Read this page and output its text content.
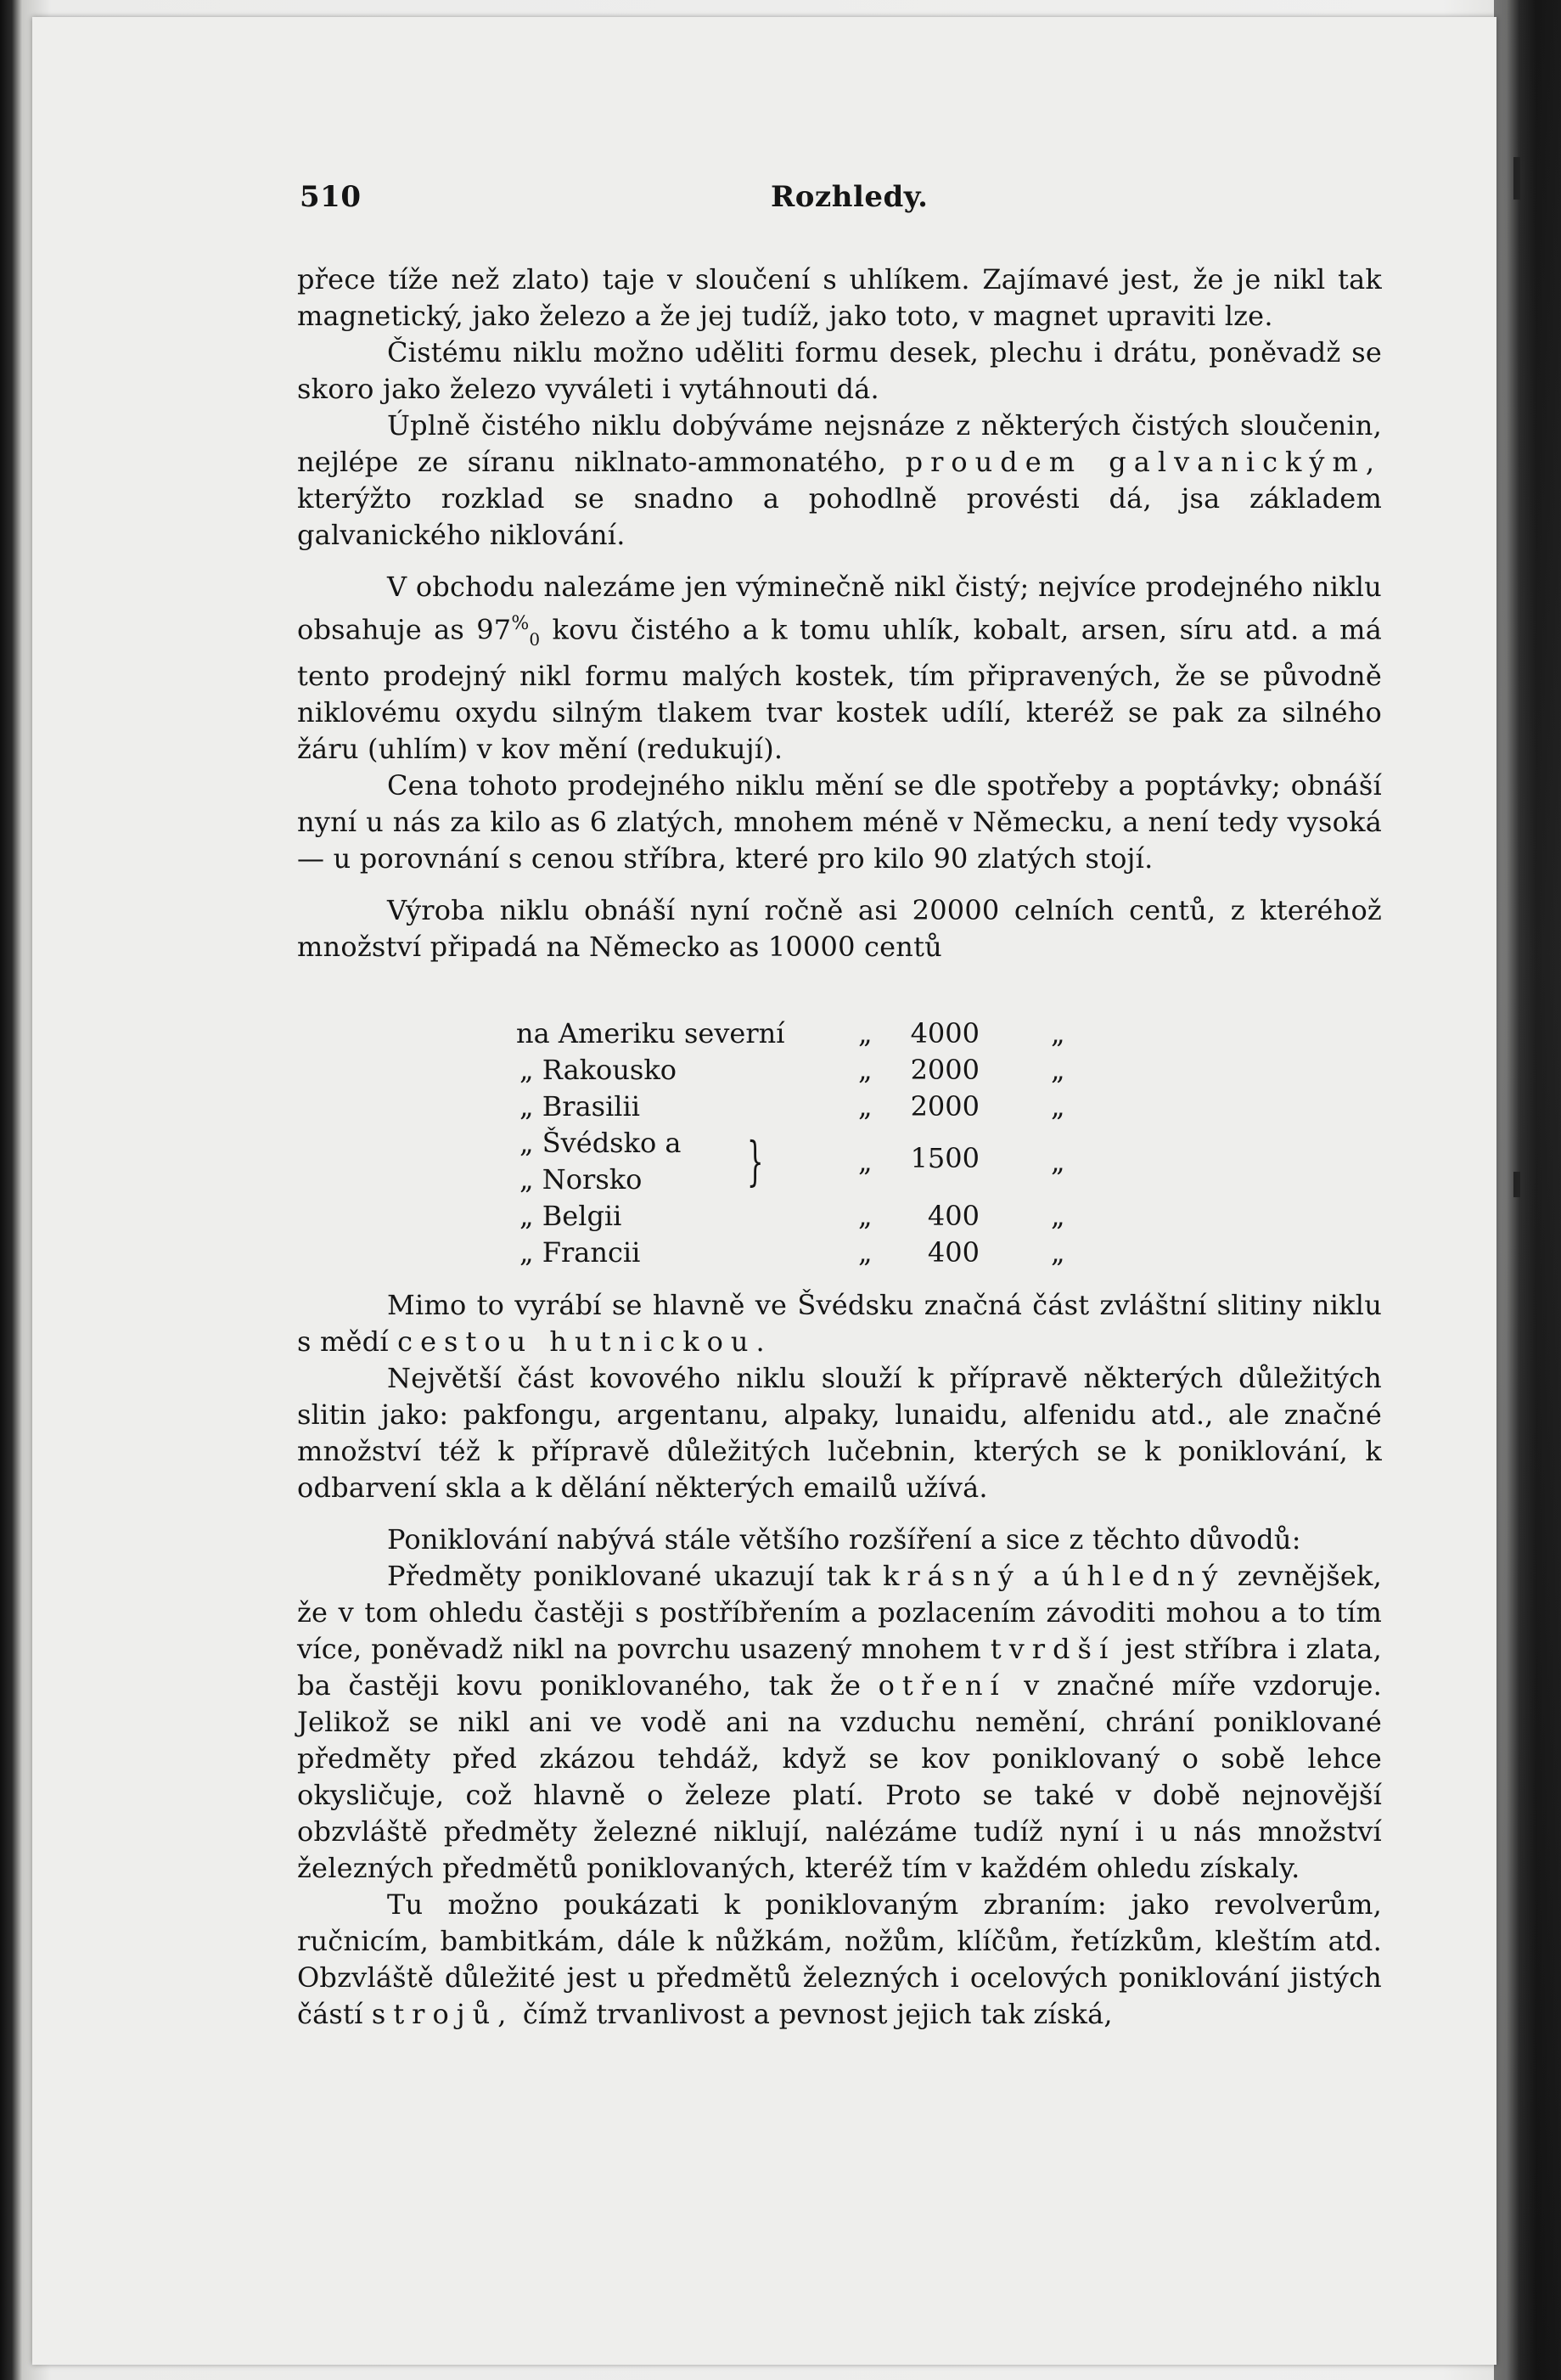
510	Rozhledy.

přece tíže než zlato) taje v sloučení s uhlíkem. Zajímavé jest, že je nikl tak magnetický, jako železo a že jej tudíž, jako toto, v magnet upraviti lze.

Čistému niklu možno uděliti formu desek, plechu i drátu, poněvadž se skoro jako železo vyváleti i vytáhnouti dá.

Úplně čistého niklu dobýváme nejsnáze z některých čistých sloučenin, nejlépe ze síranu niklnato-ammonatého, proudem galvanickým, kterýžto rozklad se snadno a pohodlně provésti dá, jsa základem galvanického niklování.

V obchodu nalezáme jen výminečně nikl čistý; nejvíce prodejného niklu obsahuje as $97^{\%}_0$ kovu čistého a k tomu uhlík, kobalt, arsen, síru atd. a má tento prodejný nikl formu malých kostek, tím připravených, že se původně niklovému oxydu silným tlakem tvar kostek udílí, kteréž se pak za silného žáru (uhlím) v kov mění (redukují).

Cena tohoto prodejného niklu mění se dle spotřeby a poptávky; obnáší nyní u nás za kilo as 6 zlatých, mnohem méně v Německu, a není tedy vysoká — u porovnání s cenou stříbra, které pro kilo 90 zlatých stojí.

Výroba niklu obnáší nyní ročně asi 20000 celních centů, z kteréhož množství připadá na Německo as 10000 centů

na Ameriku severní	„	4000	„
„ Rakousko	„	2000	„
„ Brasilii	„	2000	„
„ Švédsko a
„ Norsko }	„	1500	„
„ Belgii	„	400	„
„ Francii	„	400	„

Mimo to vyrábí se hlavně ve Švédsku značná část zvláštní slitiny niklu s mědí cestou hutnickou.

Největší část kovového niklu slouží k přípravě některých důležitých slitin jako: pakfongu, argentanu, alpaky, lunaidu, alfenidu atd., ale značné množství též k přípravě důležitých lučebnin, kterých se k poniklování, k odbarvení skla a k dělání některých emailů užívá.

Poniklování nabývá stále většího rozšíření a sice z těchto důvodů:

Předměty poniklované ukazují tak krásný a úhledný zevnějšek, že v tom ohledu častěji s postříbřením a pozlacením závoditi mohou a to tím více, poněvadž nikl na povrchu usazený mnohem tvrdší jest stříbra i zlata, ba častěji kovu poniklovaného, tak že otření v značné míře vzdoruje. Jelikož se nikl ani ve vodě ani na vzduchu nemění, chrání poniklované předměty před zkázou tehdáž, když se kov poniklovaný o sobě lehce okysličuje, což hlavně o železe platí. Proto se také v době nejnovější obzvláště předměty železné niklují, nalézáme tudíž nyní i u nás množství železných předmětů poniklovaných, kteréž tím v každém ohledu získaly.

Tu možno poukázati k poniklovaným zbraním: jako revolverům, ručnicím, bambitkám, dále k nůžkám, nožům, klíčům, řetízkům, kleštím atd. Obzvláště důležité jest u předmětů železných i ocelových poniklování jistých částí strojů, čímž trvanlivost a pevnost jejich tak získá,
